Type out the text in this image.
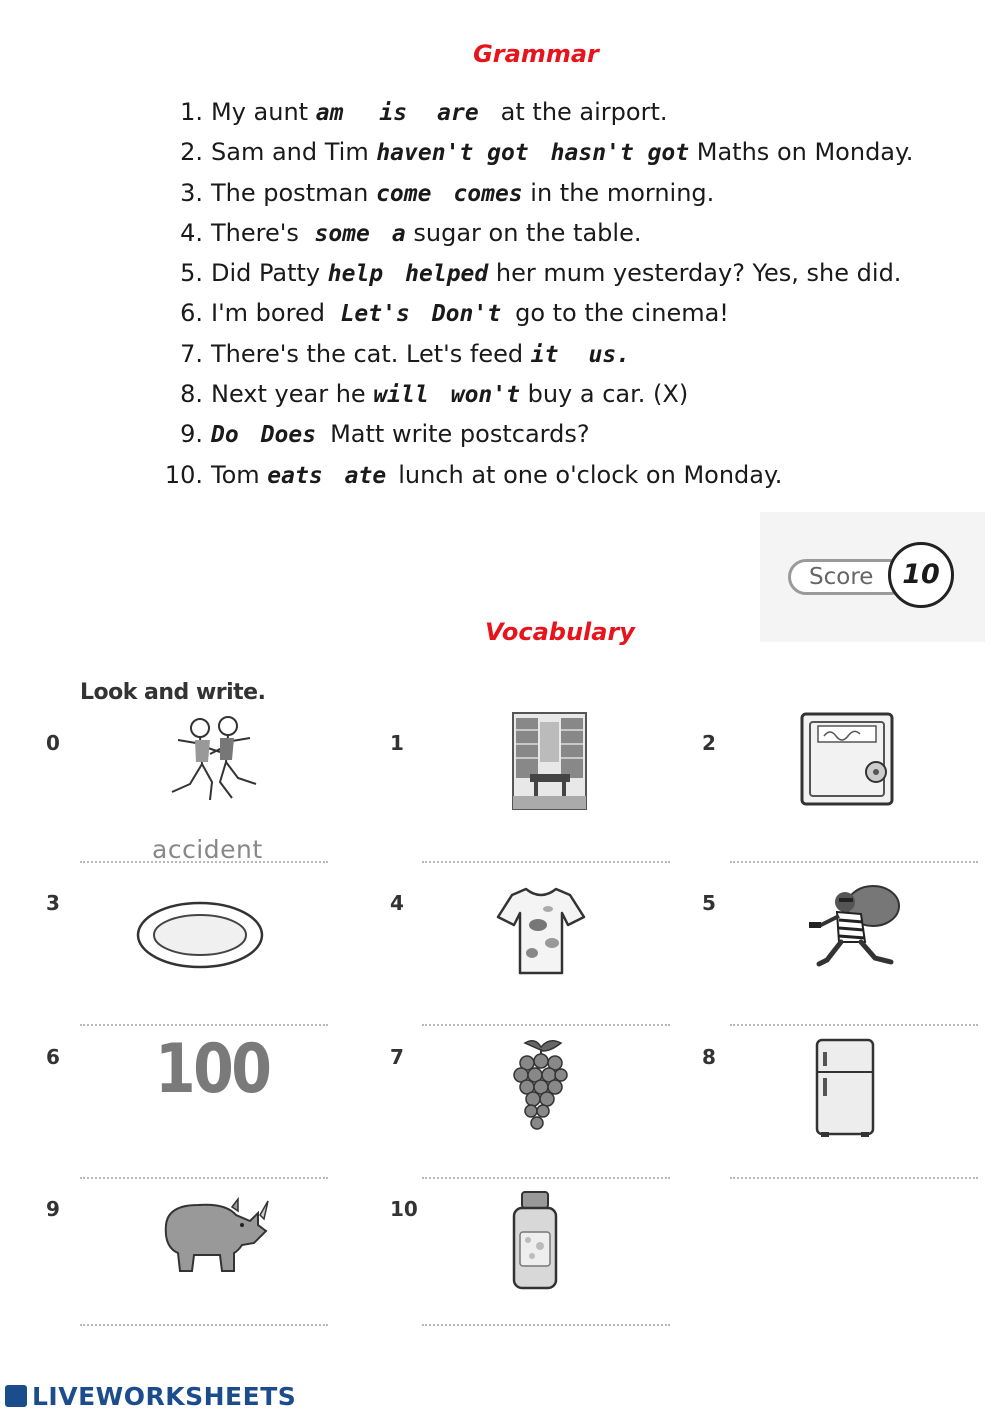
Grammar
1. My aunt am is are at the airport.
2. Sam and Tim haven't got hasn't got Maths on Monday.
3. The postman come comes in the morning.
4. There's some a sugar on the table.
5. Did Patty help helped her mum yesterday? Yes, she did.
6. I'm bored Let's Don't go to the cinema!
7. There's the cat. Let's feed it us.
8. Next year he will won't buy a car. (X)
9. Do Does Matt write postcards?
10. Tom eats ate lunch at one o'clock on Monday.
Score	10
Vocabulary
Look and write.
0	1	2
3	4	5
6	7	8
9	10
100
accident
LIVEWORKSHEETS
